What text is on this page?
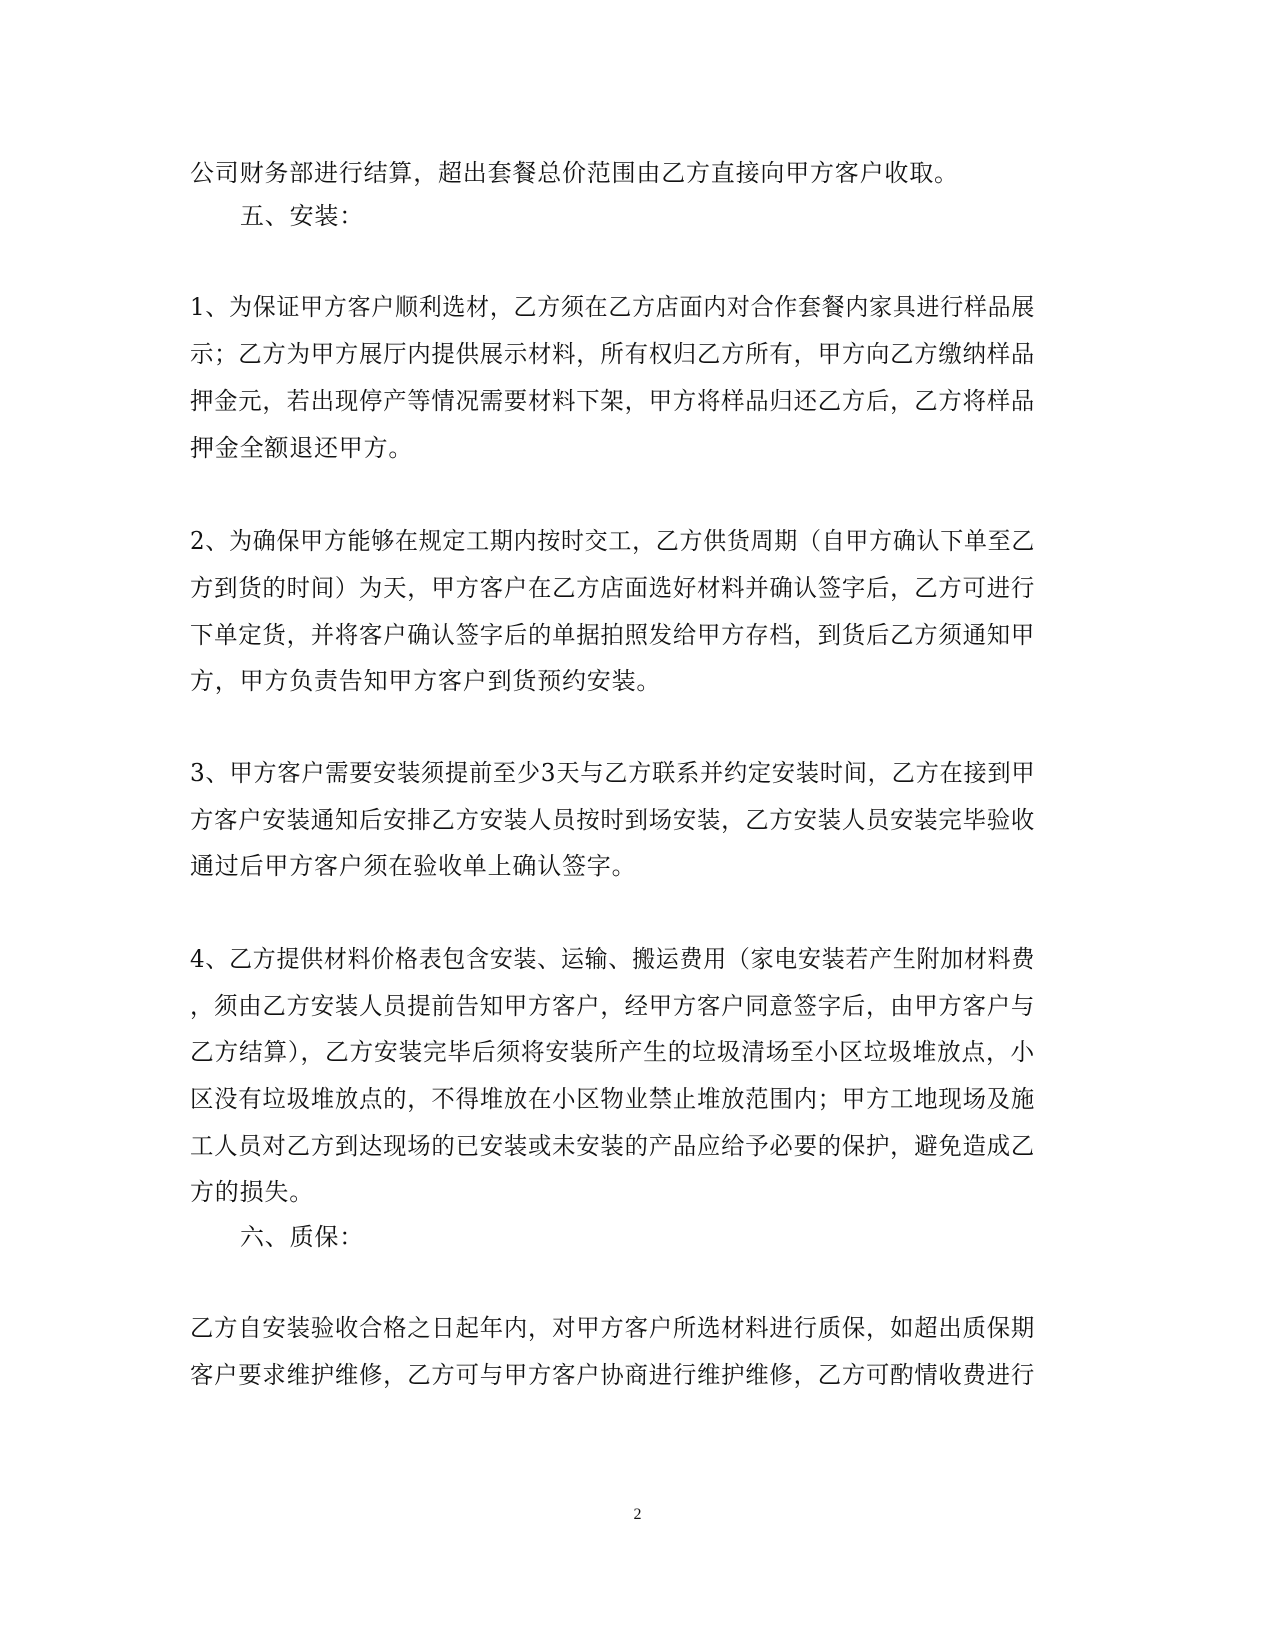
公司财务部进行结算，超出套餐总价范围由乙方直接向甲方客户收取。

五、安装：

1、为保证甲方客户顺利选材，乙方须在乙方店面内对合作套餐内家具进行样品展

示；乙方为甲方展厅内提供展示材料，所有权归乙方所有，甲方向乙方缴纳样品

押金元，若出现停产等情况需要材料下架，甲方将样品归还乙方后，乙方将样品

押金全额退还甲方。

2、为确保甲方能够在规定工期内按时交工，乙方供货周期（自甲方确认下单至乙

方到货的时间）为天，甲方客户在乙方店面选好材料并确认签字后，乙方可进行

下单定货，并将客户确认签字后的单据拍照发给甲方存档，到货后乙方须通知甲

方，甲方负责告知甲方客户到货预约安装。

3、甲方客户需要安装须提前至少3天与乙方联系并约定安装时间，乙方在接到甲

方客户安装通知后安排乙方安装人员按时到场安装，乙方安装人员安装完毕验收

通过后甲方客户须在验收单上确认签字。

4、乙方提供材料价格表包含安装、运输、搬运费用（家电安装若产生附加材料费

，须由乙方安装人员提前告知甲方客户，经甲方客户同意签字后，由甲方客户与

乙方结算），乙方安装完毕后须将安装所产生的垃圾清场至小区垃圾堆放点，小

区没有垃圾堆放点的，不得堆放在小区物业禁止堆放范围内；甲方工地现场及施

工人员对乙方到达现场的已安装或未安装的产品应给予必要的保护，避免造成乙

方的损失。

六、质保：

乙方自安装验收合格之日起年内，对甲方客户所选材料进行质保，如超出质保期

客户要求维护维修，乙方可与甲方客户协商进行维护维修，乙方可酌情收费进行

2
